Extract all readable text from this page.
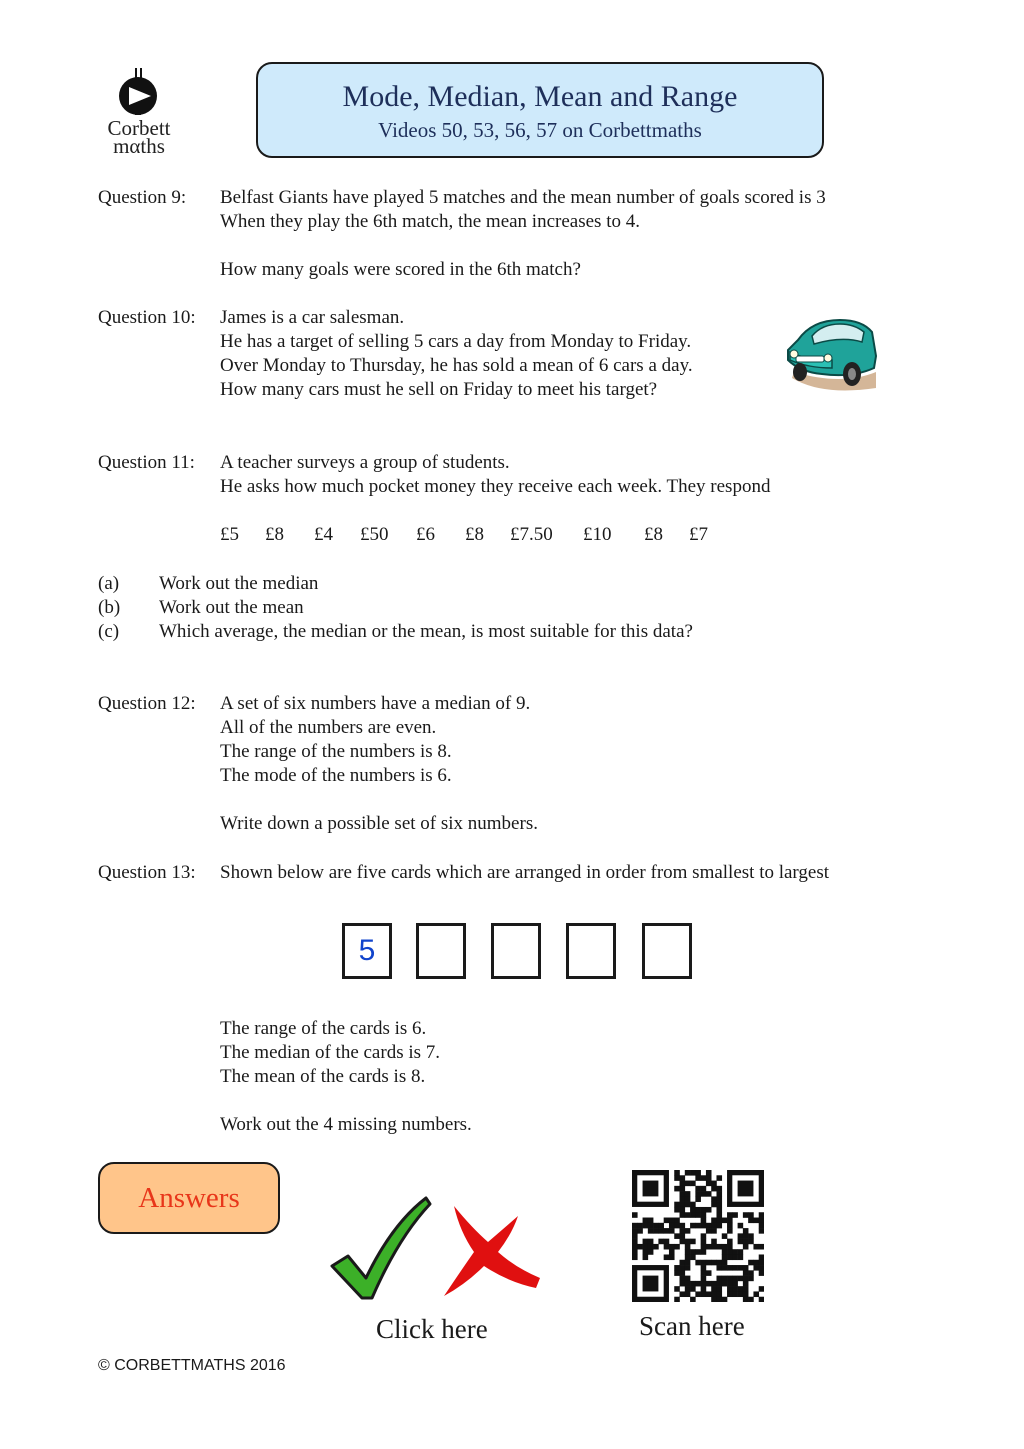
Corbett
mαths
Mode, Median, Mean and Range
Videos 50, 53, 56, 57 on Corbettmaths
Question 9: Belfast Giants have played 5 matches and the mean number of goals scored is 3
When they play the 6th match, the mean increases to 4.
How many goals were scored in the 6th match?
Question 10: James is a car salesman.
He has a target of selling 5 cars a day from Monday to Friday.
Over Monday to Thursday, he has sold a mean of 6 cars a day.
How many cars must he sell on Friday to meet his target?
Question 11: A teacher surveys a group of students.
He asks how much pocket money they receive each week. They respond
£5 £8 £4 £50 £6 £8 £7.50 £10 £8 £7
(a) Work out the median
(b) Work out the mean
(c) Which average, the median or the mean, is most suitable for this data?
Question 12: A set of six numbers have a median of 9.
All of the numbers are even.
The range of the numbers is 8.
The mode of the numbers is 6.
Write down a possible set of six numbers.
Question 13: Shown below are five cards which are arranged in order from smallest to largest
5
The range of the cards is 6.
The median of the cards is 7.
The mean of the cards is 8.
Work out the 4 missing numbers.
Answers
Click here	Scan here
© CORBETTMATHS 2016
